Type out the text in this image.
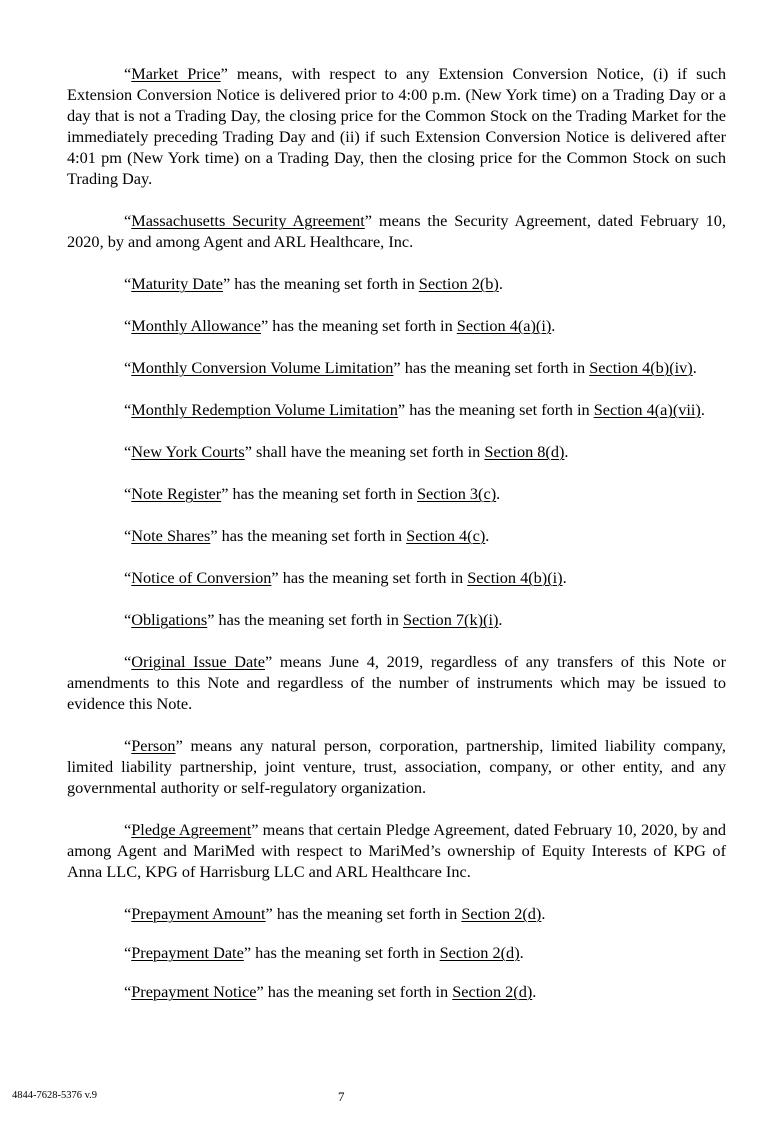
“Market Price” means, with respect to any Extension Conversion Notice, (i) if such Extension Conversion Notice is delivered prior to 4:00 p.m. (New York time) on a Trading Day or a day that is not a Trading Day, the closing price for the Common Stock on the Trading Market for the immediately preceding Trading Day and (ii) if such Extension Conversion Notice is delivered after 4:01 pm (New York time) on a Trading Day, then the closing price for the Common Stock on such Trading Day.

“Massachusetts Security Agreement” means the Security Agreement, dated February 10, 2020, by and among Agent and ARL Healthcare, Inc.

“Maturity Date” has the meaning set forth in Section 2(b).

“Monthly Allowance” has the meaning set forth in Section 4(a)(i).

“Monthly Conversion Volume Limitation” has the meaning set forth in Section 4(b)(iv).

“Monthly Redemption Volume Limitation” has the meaning set forth in Section 4(a)(vii).

“New York Courts” shall have the meaning set forth in Section 8(d).

“Note Register” has the meaning set forth in Section 3(c).

“Note Shares” has the meaning set forth in Section 4(c).

“Notice of Conversion” has the meaning set forth in Section 4(b)(i).

“Obligations” has the meaning set forth in Section 7(k)(i).

“Original Issue Date” means June 4, 2019, regardless of any transfers of this Note or amendments to this Note and regardless of the number of instruments which may be issued to evidence this Note.

“Person” means any natural person, corporation, partnership, limited liability company, limited liability partnership, joint venture, trust, association, company, or other entity, and any governmental authority or self-regulatory organization.

“Pledge Agreement” means that certain Pledge Agreement, dated February 10, 2020, by and among Agent and MariMed with respect to MariMed’s ownership of Equity Interests of KPG of Anna LLC, KPG of Harrisburg LLC and ARL Healthcare Inc.

“Prepayment Amount” has the meaning set forth in Section 2(d).

“Prepayment Date” has the meaning set forth in Section 2(d).

“Prepayment Notice” has the meaning set forth in Section 2(d).

4844-7628-5376 v.9	7
